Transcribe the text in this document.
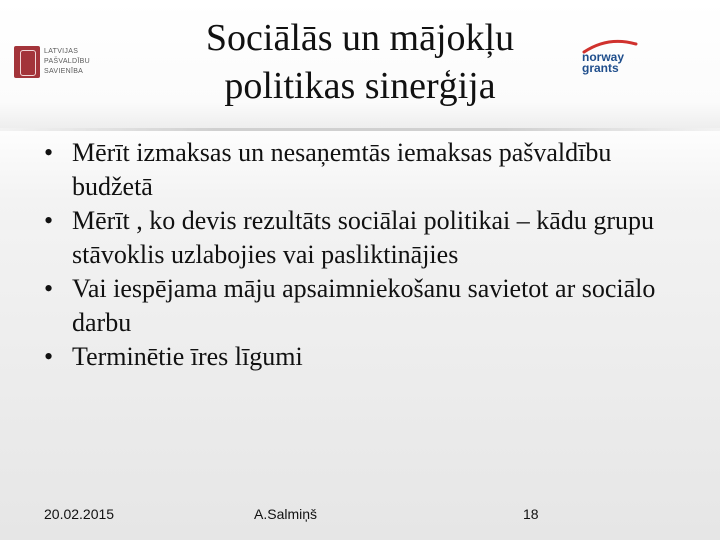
LATVIJAS
PAŠVALDĪBU
SAVIENĪBA
Sociālās un mājokļu
politikas sinerģija
norway
grants
• Mērīt izmaksas un nesaņemtās iemaksas pašvaldību budžetā
• Mērīt , ko devis rezultāts sociālai politikai – kādu grupu stāvoklis uzlabojies vai pasliktinājies
• Vai iespējama māju apsaimniekošanu savietot ar sociālo darbu
• Terminētie īres līgumi
20.02.2015	A.Salmiņš	18
